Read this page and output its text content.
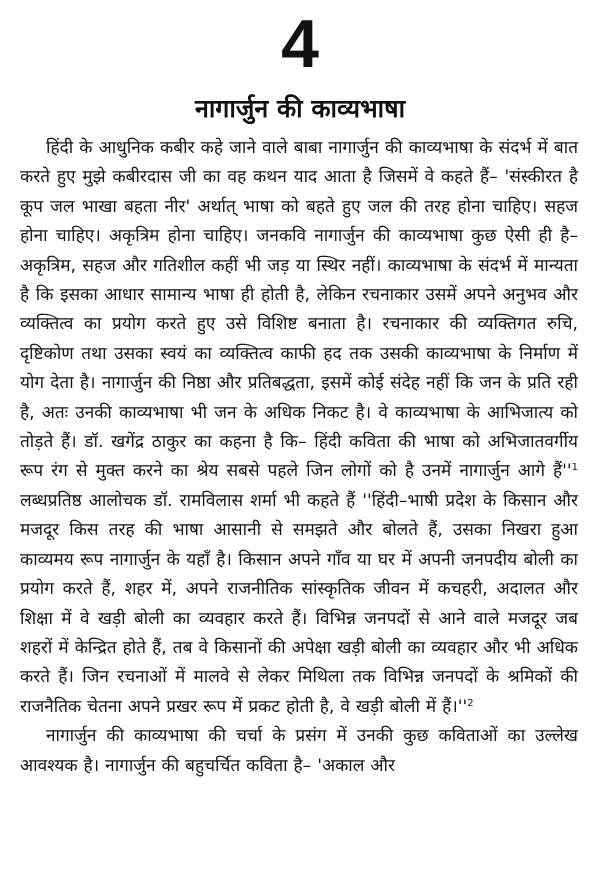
4
नागार्जुन की काव्यभाषा

हिंदी के आधुनिक कबीर कहे जाने वाले बाबा नागार्जुन की काव्यभाषा के संदर्भ में बात करते हुए मुझे कबीरदास जी का वह कथन याद आता है जिसमें वे कहते हैं– 'संस्कीरत है कूप जल भाखा बहता नीर' अर्थात् भाषा को बहते हुए जल की तरह होना चाहिए। सहज होना चाहिए। अकृत्रिम होना चाहिए। जनकवि नागार्जुन की काव्यभाषा कुछ ऐसी ही है– अकृत्रिम, सहज और गतिशील कहीं भी जड़ या स्थिर नहीं। काव्यभाषा के संदर्भ में मान्यता है कि इसका आधार सामान्य भाषा ही होती है, लेकिन रचनाकार उसमें अपने अनुभव और व्यक्तित्व का प्रयोग करते हुए उसे विशिष्ट बनाता है। रचनाकार की व्यक्तिगत रुचि, दृष्टिकोण तथा उसका स्वयं का व्यक्तित्व काफी हद तक उसकी काव्यभाषा के निर्माण में योग देता है। नागार्जुन की निष्ठा और प्रतिबद्धता, इसमें कोई संदेह नहीं कि जन के प्रति रही है, अतः उनकी काव्यभाषा भी जन के अधिक निकट है। वे काव्यभाषा के आभिजात्य को तोड़ते हैं। डॉ. खगेंद्र ठाकुर का कहना है कि– हिंदी कविता की भाषा को अभिजातवर्गीय रूप रंग से मुक्त करने का श्रेय सबसे पहले जिन लोगों को है उनमें नागार्जुन आगे हैं''$^1$ लब्धप्रतिष्ठ आलोचक डॉ. रामविलास शर्मा भी कहते हैं ''हिंदी–भाषी प्रदेश के किसान और मजदूर किस तरह की भाषा आसानी से समझते और बोलते हैं, उसका निखरा हुआ काव्यमय रूप नागार्जुन के यहाँ है। किसान अपने गाँव या घर में अपनी जनपदीय बोली का प्रयोग करते हैं, शहर में, अपने राजनीतिक सांस्कृतिक जीवन में कचहरी, अदालत और शिक्षा में वे खड़ी बोली का व्यवहार करते हैं। विभिन्न जनपदों से आने वाले मजदूर जब शहरों में केन्द्रित होते हैं, तब वे किसानों की अपेक्षा खड़ी बोली का व्यवहार और भी अधिक करते हैं। जिन रचनाओं में मालवे से लेकर मिथिला तक विभिन्न जनपदों के श्रमिकों की राजनैतिक चेतना अपने प्रखर रूप में प्रकट होती है, वे खड़ी बोली में हैं।''$^2$

नागार्जुन की काव्यभाषा की चर्चा के प्रसंग में उनकी कुछ कविताओं का उल्लेख आवश्यक है। नागार्जुन की बहुचर्चित कविता है– 'अकाल और
